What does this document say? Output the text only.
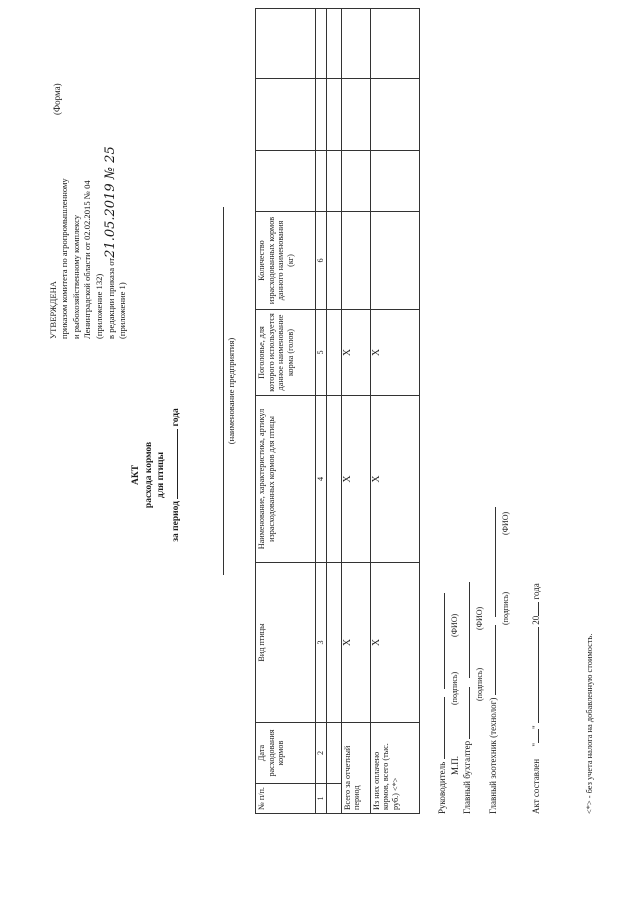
(Форма)
УТВЕРЖДЕНА приказом комитета по агропромышленному и рыбохозяйственному комплексу Ленинградской области от 02.02.2015 № 04 (приложение 132) в редакции приказа от21.05.2019 № 25
(приложение 1)
АКТ расхода кормов для птицы
за период  года	(наименование предприятия)
№ п/п.	Дата расходования кормов	Вид птицы	Наименование, характеристика, артикул израсходованных кормов для птицы	Поголовье, для которого используется данное наименование корма (голов)	Количество израсходованных кормов данного наименования (кг)			
1	2	3	4	5	6			

Всего за отчетный период		X	X	X				
Из них оплачено кормов, всего (тыс. руб.) <*>		X	X	X				
Руководитель
(подпись)
(ФИО)
М.П. Главный бухгалтер
(подпись)
(ФИО)
Главный зоотехник (технолог)
(подпись)
(ФИО)
Акт составлен ""  20 года
<*> - без учета налога на добавленную стоимость.
